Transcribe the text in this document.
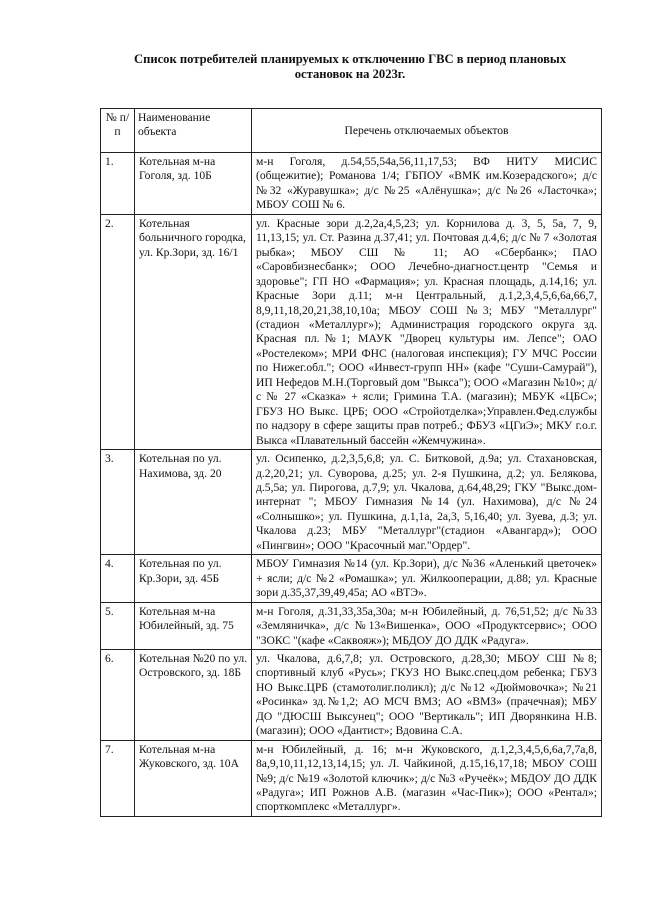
Список потребителей планируемых к отключению ГВС в период плановых
остановок на 2023г.
№ п/п	Наименование объекта	Перечень отключаемых объектов
1.	Котельная м-на Гоголя, зд. 10Б	м-н Гоголя, д.54,55,54а,56,11,17,53; ВФ НИТУ МИСИС (общежитие); Романова 1/4; ГБПОУ «ВМК им.Козерадского»; д/с №32 «Журавушка»; д/с №25 «Алёнушка»; д/с №26 «Ласточка»; МБОУ СОШ № 6.
2.	Котельная больничного городка, ул. Кр.Зори, зд. 16/1	ул. Красные зори д.2,2а,4,5,23; ул. Корнилова д. 3, 5, 5а, 7, 9, 11,13,15; ул. Ст. Разина д.37,41; ул. Почтовая д.4,6; д/с № 7 «Золотая рыбка»; МБОУ СШ № 11; АО «Сбербанк»; ПАО «Саровбизнесбанк»; ООО Лечебно-диагност.центр "Семья и здоровье"; ГП НО «Фармация»; ул. Красная площадь, д.14,16; ул. Красные Зори д.11; м-н Центральный, д.1,2,3,4,5,6,6а,66,7, 8,9,11,18,20,21,38,10,10а; МБОУ СОШ №3; МБУ "Металлург" (стадион «Металлург»); Администрация городского округа зд. Красная пл.№1; МАУК "Дворец культуры им. Лепсе"; ОАО «Ростелеком»; МРИ ФНС (налоговая инспекция); ГУ МЧС России по Нижег.обл."; ООО «Инвест-групп НН» (кафе "Суши-Самурай"), ИП Нефедов М.Н.(Торговый дом "Выкса"); ООО «Магазин №10»; д/с № 27 «Сказка» + ясли; Гримина Т.А. (магазин); МБУК «ЦБС»; ГБУЗ НО Выкс. ЦРБ; ООО «Стройотделка»;Управлен.Фед.службы по надзору в сфере защиты прав потреб.; ФБУЗ «ЦГиЭ»; МКУ г.о.г. Выкса «Плавательный бассейн «Жемчужина».
3.	Котельная по ул. Нахимова, зд. 20	ул. Осипенко, д.2,3,5,6,8; ул. С. Битковой, д.9а; ул. Стахановская, д.2,20,21; ул. Суворова, д.25; ул. 2-я Пушкина, д.2; ул. Белякова, д.5,5а; ул. Пирогова, д.7,9; ул. Чкалова, д.64,48,29; ГКУ "Выкс.дом-интернат "; МБОУ Гимназия №14 (ул. Нахимова), д/с №24 «Солнышко»; ул. Пушкина, д.1,1а, 2а,3, 5,16,40; ул. Зуева, д.3; ул. Чкалова д.23; МБУ "Металлург"(стадион «Авангард»); ООО «Пингвин»; ООО "Красочный маг."Ордер".
4.	Котельная по ул. Кр.Зори, зд. 45Б	МБОУ Гимназия №14 (ул. Кр.Зори), д/с №36 «Аленький цветочек» + ясли; д/с №2 «Ромашка»; ул. Жилкооперации, д.88; ул. Красные зори д.35,37,39,49,45а; АО «ВТЭ».
5.	Котельная м-на Юбилейный, зд. 75	м-н Гоголя, д.31,33,35а,30а; м-н Юбилейный, д. 76,51,52; д/с №33 «Земляничка», д/с №13«Вишенка», ООО «Продуктсервис»; ООО "ЗОКС "(кафе «Саквояж»); МБДОУ ДО ДДК «Радуга».
6.	Котельная №20 по ул. Островского, зд. 18Б	ул. Чкалова, д.6,7,8; ул. Островского, д.28,30; МБОУ СШ №8; спортивный клуб «Русь»; ГКУЗ НО Выкс.спец.дом ребенка; ГБУЗ НО Выкс.ЦРБ (стамотолиг.поликл); д/с №12 «Дюймовочка»; №21 «Росинка» зд.№1,2; АО МСЧ ВМЗ; АО «ВМЗ» (прачечная); МБУ ДО "ДЮСШ Выксунец"; ООО "Вертикаль"; ИП Дворянкина Н.В. (магазин); ООО «Дантист»; Вдовина С.А.
7.	Котельная м-на Жуковского, зд. 10А	м-н Юбилейный, д. 16; м-н Жуковского, д.1,2,3,4,5,6,6а,7,7а,8, 8а,9,10,11,12,13,14,15; ул. Л. Чайкиной, д.15,16,17,18; МБОУ СОШ №9; д/с №19 «Золотой ключик»; д/с №3 «Ручеёк»; МБДОУ ДО ДДК «Радуга»; ИП Рожнов А.В. (магазин «Час-Пик»); ООО «Рентал»; спорткомплекс «Металлург».
